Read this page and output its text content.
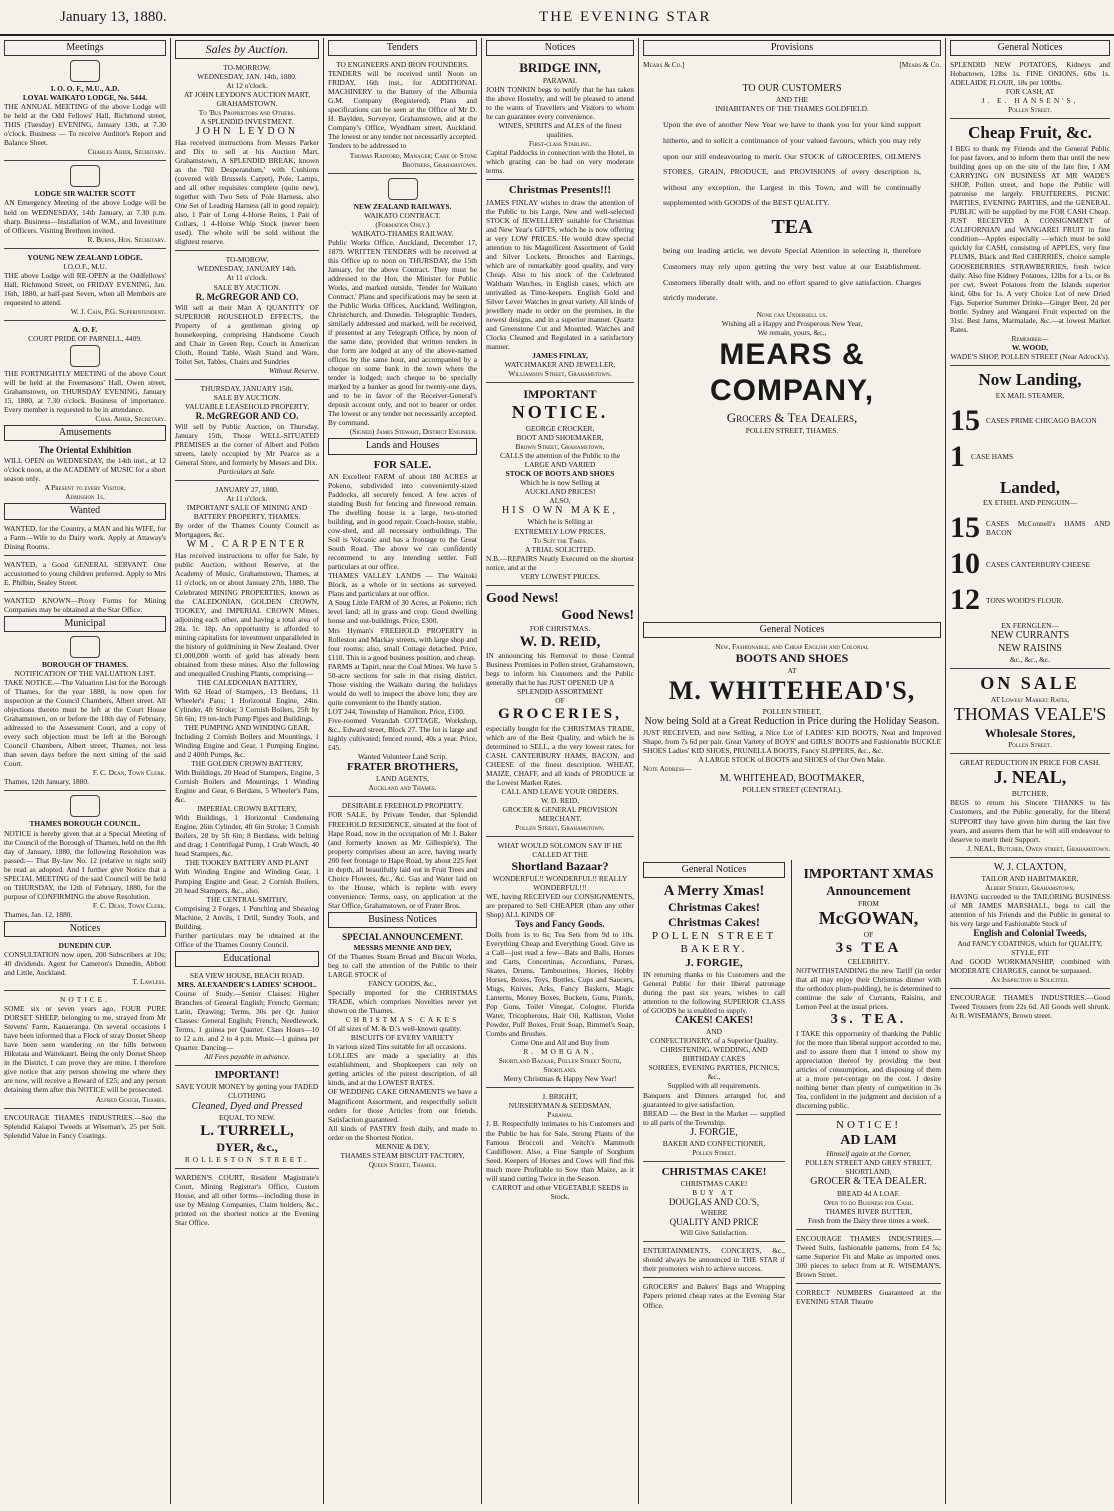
January 13, 1880.	THE EVENING STAR
Meetings
I. O. O. F., M.U., A.D.
LOYAL WAIKATO LODGE, No. 5444.

THE ANNUAL MEETING of the above Lodge will be held at the Odd Fellows' Hall, Richmond street, THIS (Tuesday) EVENING, January 13th, at 7.30 o'clock. Business — To receive Auditor's Report and Balance Sheet.

Charles Ahier, Secretary.
LODGE SIR WALTER SCOTT

AN Emergency Meeting of the above Lodge will be held on WEDNESDAY, 14th January, at 7.30 p.m. sharp. Business—Installation of W.M., and Investiture of Officers. Visiting Brethren invited.

R. Burns, Hon. Secretary.
YOUNG NEW ZEALAND LODGE.
I.O.O.F., M.U.

THE above Lodge will RE-OPEN at the Oddfellows' Hall, Richmond Street, on FRIDAY EVENING, Jan. 16th, 1880, at half-past Seven, when all Members are requested to attend.

W. J. Cain, P.G. Superintendent.
A. O. F.
COURT PRIDE OF PARNELL, 4409.

THE FORTNIGHTLY MEETING of the above Court will be held at the Freemasons' Hall, Owen street, Grahamstown, on THURSDAY EVENING, January 15, 1880, at 7.30 o'clock. Business of importance. Every member is requested to be in attendance.

Chas. Ahier, Secretary.
Amusements
The Oriental Exhibition

WILL OPEN on WEDNESDAY, the 14th inst., at 12 o'clock noon, at the ACADEMY of MUSIC for a short season only.

A Present to every Visitor.
Admission 1s.
Wanted

WANTED, for the Country, a MAN and his WIFE, for a Farm—Wife to do Dairy work. Apply at Attaway's Dining Rooms.

WANTED, a Good GENERAL SERVANT. One accustomed to young children preferred. Apply to Mrs E. Philbin, Sealey Street.

WANTED KNOWN—Proxy Forms for Mining Companies may be obtained at the Star Office.

Municipal
BOROUGH OF THAMES.
NOTIFICATION OF THE VALUATION LIST.

TAKE NOTICE.—The Valuation List for the Borough of Thames, for the year 1880, is now open for inspection at the Council Chambers, Albert street. All objections thereto must be left at the Court House Grahamstown, on or before the 18th day of February, addressed to the Assessment Court, and a copy of every such objection must be left at the Borough Council Chambers, Albert street, Thames, not less than seven days before the next sitting of the said Court.

F. C. Dean, Town Clerk.
Thames, 12th January, 1880.
THAMES BOROUGH COUNCIL.

NOTICE is hereby given that at a Special Meeting of the Council of the Borough of Thames, held on the 8th day of January, 1880, the following Resolution was passed:— That By-law No. 12 (relative to night soil) be read as adopted. And I further give Notice that a SPECIAL MEETING of the said Council will be held on THURSDAY, the 12th of February, 1880, for the purpose of CONFIRMING the above Resolution.

F. C. Dean, Town Clerk.
Thames, Jan. 12, 1880.
Notices
DUNEDIN CUP.

CONSULTATION now open, 200 Subscribers at 10s; 40 dividends. Agent for Cameron's Dunedin, Abbott and Little, Auckland.

T. Lawless.
NOTICE.

SOME six or seven years ago, FOUR PURE DORSET SHEEP, belonging to me, strayed from Mr Stevens' Farm, Kauaeranga. On several occasions I have been informed that a Flock of stray Dorset Sheep have been seen wandering on the hills between Hikutaia and Waitekauri. Being the only Dorset Sheep in the District, I can prove they are mine. I therefore give notice that any person showing me where they are now, will receive a Reward of £25; and any person detaining them after this NOTICE will be prosecuted.

Alfred Gough, Thames.

ENCOURAGE THAMES INDUSTRIES.—See the Splendid Kaiapoi Tweeds at Wiseman's, 25 per Suit. Splendid Value in Fancy Coatings.

Sales by Auction.
TO-MORROW.
WEDNESDAY, JAN. 14th, 1880.
At 12 o'clock.
AT JOHN LEYDON'S AUCTION MART, GRAHAMSTOWN.
To 'Bus Proprietors and Others.
A SPLENDID INVESTMENT.
JOHN LEYDON

Has received instructions from Messrs Parker and Dix to sell at his Auction Mart, Grahamstown, A SPLENDID BREAK, known as the 'Nil Desperandum,' with Cushions (covered with Brussels Carpet), Pole, Lamps, and all other requisites complete (quite new), together with Two Sets of Pole Harness, also One Set of Leading Harness (all in good repair); also, 1 Pair of Long 4-Horse Reins, 1 Pair of Collars, 1 4-Horse Whip Stock (never been used). The whole will be sold without the slightest reserve.

TO-MOROW,
WEDNESDAY, JANUARY 14th.
At 11 o'clock.
SALE BY AUCTION.
R. McGREGOR AND CO.

Will sell at their Mart A QUANTITY OF SUPERIOR HOUSEHOLD EFFECTS, the Property of a gentleman giving up housekeeping, comprising Handsome Couch and Chair in Green Rep, Couch in American Cloth, Round Table, Wash Stand and Ware, Toilet Set, Tables, Chairs and Sundries

Without Reserve.
THURSDAY, JANUARY 15th.
SALE BY AUCTION.
VALUABLE LEASEHOLD PROPERTY.
R. McGREGOR AND CO.

Will sell by Public Auction, on Thursday, January 15th, Those WELL-SITUATED PREMISES at the corner of Albert and Pollen streets, lately occupied by Mr Pearce as a General Store, and formerly by Messrs and Dix.

Particulars at Sale.
JANUARY 27, 1880.
At 11 o'clock.
IMPORTANT SALE OF MINING AND BATTERY PROPERTY, THAMES.

By order of the Thames County Council as Mortgagees, &c.

WM. CARPENTER

Has received instructions to offer for Sale, by public Auction, without Reserve, at the Academy of Music, Grahamstown, Thames, at 11 o'clock, on or about January 27th, 1880, The Celebrated MINING PROPERTIES, known as the CALEDONIAN, GOLDEN CROWN, TOOKEY, and IMPERIAL CROWN Mines, adjoining each other, and having a total area of 28a. 1r. 18p. An opportunity is afforded to mining capitalists for investment unparalleled in the history of goldmining in New Zealand. Over £1,000,000 worth of gold has already been obtained from these mines. Also the following and unequalled Crushing Plants, comprising—

THE CALEDONIAN BATTERY,

With 62 Head of Stampers, 13 Berdans, 11 Wheeler's Pans; 1 Horizontal Engine, 24in. Cylinder, 4ft Stroke; 3 Cornish Boilers, 25ft by 5ft 6in; 19 ten-inch Pump Pipes and Buildings.

THE PUMPING AND WINDING GEAR,

Including 2 Cornish Boilers and Mountings, 1 Winding Engine and Gear, 1 Pumping Engine, and 2 400ft Pumps, &c.

THE GOLDEN CROWN BATTERY,

With Buildings, 20 Head of Stampers, Engine, 3 Cornish Boilers and Mountings, 1 Winding Engine and Gear, 6 Berdans, 5 Wheeler's Pans, &c.

IMPERIAL CROWN BATTERY,

With Buildings, 1 Horizontal Condensing Engine, 26in Cylinder, 4ft 6in Stroke; 3 Cornish Boilers, 28 by 5ft 6in; 8 Berdans, with belting and drag; 1 Centrifugal Pump, 1 Crab Winch, 40 head Stampers, &c.

THE TOOKEY BATTERY AND PLANT

With Winding Engine and Winding Gear, 1 Pumping Engine and Gear, 2 Cornish Boilers, 20 head Stampers, &c., also,

THE CENTRAL SMITHY,

Comprising 2 Forges, 1 Punching and Shearing Machine, 2 Anvils, 1 Drill, Sundry Tools, and Building.

Further particulars may be obtained at the Office of the Thames County Council.

Educational
SEA VIEW HOUSE, BEACH ROAD.
MRS. ALEXANDER'S LADIES' SCHOOL.

Course of Study.—Senior Classes: Higher Branches of General English; French; German; Latin, Drawing; Terms, 30s per Qr. Junior Classes: General English; French; Needlework. Terms, 1 guinea per Quarter. Class Hours—10 to 12 a.m. and 2 to 4 p.m. Music—1 guinea per Quarter. Dancing—

All Fees payable in advance.
IMPORTANT!
SAVE YOUR MONEY by getting your FADED CLOTHING
Cleaned, Dyed and Pressed
EQUAL TO NEW.
L. TURRELL,
DYER, &c.,
ROLLESTON STREET.

WARDEN'S COURT, Resident Magistrate's Court, Mining Registrar's Office, Custom House, and all other forms—including those in use by Mining Companies, Claim holders, &c., printed on the shortest notice at the Evening Star Office.

Tenders
TO ENGINEERS AND IRON FOUNDERS.

TENDERS will be received until Noon on FRIDAY, 16th inst., for ADDITIONAL MACHINERY to the Battery of the Alburnia G.M. Company (Registered). Plans and specifications can be seen at the Office of Mr D. H. Baylden, Surveyor, Grahamstown, and at the Company's Office, Wyndham street, Auckland. The lowest or any tender not necessarily accepted. Tenders to be addressed to

Thomas Radford, Manager; Care of Stone Brothers, Grahamstown.
NEW ZEALAND RAILWAYS.
WAIKATO CONTRACT.
(Formation Only.)
WAIKATO-THAMES RAILWAY.

Public Works Office, Auckland, December 17, 1879. WRITTEN TENDERS will be received at this Office up to noon on THURSDAY, the 15th January, for the above Contract. They must be addressed to the Hon. the Minister for Public Works, and marked outside, 'Tender for Waikato Contract.' Plans and specifications may be seen at the Public Works Offices, Auckland, Wellington, Christchurch, and Dunedin. Telegraphic Tenders, similarly addressed and marked, will be received, if presented at any Telegraph Office, by noon of the same date, provided that written tenders in due form are lodged at any of the above-named offices by the same hour, and accompanied by a cheque on some bank in the town where the tender is lodged; such cheque to be specially marked by a banker as good for twenty-one days, and to be in favor of the Receiver-General's deposit account only, and not to bearer or order. The lowest or any tender not necessarily accepted. By command.

(Signed) James Stewart, District Engineer.
Lands and Houses
FOR SALE.

AN Excellent FARM of about 180 ACRES at Pokeno, subdivided into conveniently-sized Paddocks, all securely fenced. A few acres of standing Bush for fencing and firewood remain. The dwelling house is a large, two-storied building, and in good repair. Coach-house, stable, cow-shed, and all necessary outbuildings. The Soil is Volcanic and has a frontage to the Great South Road. The above we can confidently recommend to any intending settler. Full particulars at our office.

THAMES VALLEY LANDS — The Waitoki Block, as a whole or in sections as surveyed. Plans and particulars at our office.

A Snug Little FARM of 30 Acres, at Pokeno; rich level land; all in grass and crop. Good dwelling house and out-buildings. Price, £300.

Mrs Hyman's FREEHOLD PROPERTY in Rolleston and Mackay streets, with large shop and four rooms; also, small Cottage detached. Price, £110. This is a good business position, and cheap.

FARMS at Tapiri, near the Coal Mines. We have 5 50-acre sections for sale in that rising district. Those visiting the Waikato during the holidays would do well to inspect the above lots; they are quite convenient to the Huntly station.

LOT 244, Township of Hamilton. Price, £100.

Five-roomed Verandah COTTAGE, Workshop, &c., Edward street, Block 27. The lot is large and highly cultivated; fenced round, 40s a year. Price, £45.

Wanted Volunteer Land Scrip.
FRATER BROTHERS,
LAND AGENTS,
Auckland and Thames.
DESIRABLE FREEHOLD PROPERTY.

FOR SALE, by Private Tender, that Splendid FREEHOLD RESIDENCE, situated at the foot of Hape Road, now in the occupation of Mr J. Baker (and formerly known as Mr Gillespie's). The property comprises about an acre, having nearly 200 feet frontage to Hape Road, by about 225 feet in depth, all beautifully laid out in Fruit Trees and Choice Flowers, &c., &c. Gas and Water laid on to the House, which is replete with every convenience. Terms, easy, on application at the Star Office, Grahamstown, or of Frater Bros.

Business Notices
SPECIAL ANNOUNCEMENT.
MESSRS MENNIE AND DEY,

Of the Thames Steam Bread and Biscuit Works, beg to call the attention of the Public to their LARGE STOCK of

FANCY GOODS, &c.,

Specially imported for the CHRISTMAS TRADE, which comprises Novelties never yet shown on the Thames.

CHRISTMAS CAKES

Of all sizes of M. & D.'s well-known quality.

BISCUITS OF EVERY VARIETY

In various sized Tins suitable for all occasions.

LOLLIES are made a speciality at this establishment, and Shopkeepers can rely on getting articles of the purest description, of all kinds, and at the LOWEST RATES.

OF WEDDING CAKE ORNAMENTS we have a Magnificent Assortment, and respectfully solicit orders for those Articles from our friends. Satisfaction guaranteed.

All kinds of PASTRY fresh daily, and made to order on the Shortest Notice.

MENNIE & DEY,
THAMES STEAM BISCUIT FACTORY,
Queen Street, Thames.
Notices
BRIDGE INN,
PARAWAI.

JOHN TONKIN begs to notify that he has taken the above Hostelry, and will be pleased to attend to the wants of Travellers and Visitors to whom he can guarantee every convenience.

WINES, SPIRITS and ALES of the finest qualities.
First-class Stabling.

Capital Paddocks in connection with the Hotel, in which grazing can be had on very moderate terms.

Christmas Presents!!!

JAMES FINLAY wishes to draw the attention of the Public to his Large, New and well-selected STOCK of JEWELLERY suitable for Christmas and New Year's GIFTS, which he is now offering at very LOW PRICES. He would draw special attention to his Magnificent Assortment of Gold and Silver Lockets, Brooches and Earrings, which are of remarkably good quality, and very Cheap. Also to his stock of the Celebrated Waltham Watches, in English cases, which are unrivalled as Time-keepers. English Gold and Silver Lever Watches in great variety. All kinds of jewellery made to order on the premises, in the newest designs, and in a superior manner. Quartz and Greenstone Cut and Mounted. Watches and Clocks Cleaned and Regulated in a satisfactory manner.

JAMES FINLAY,
WATCHMAKER AND JEWELLER,
Williamson Street, Grahamstown.
IMPORTANT
NOTICE.
GEORGE CROCKER,
BOOT AND SHOEMAKER,
Brown Street, Grahamstown,
CALLS the attention of the Public to the
LARGE AND VARIED
STOCK OF BOOTS AND SHOES
Which he is now Selling at
AUCKLAND PRICES!
ALSO,
HIS OWN MAKE,
Which he is Selling at
EXTREMELY LOW PRICES,
To Suit the Times.
A TRIAL SOLICITED.

N.B.—REPAIRS Neatly Executed on the shortest notice, and at the

VERY LOWEST PRICES.
Good News!
Good News!
FOR CHRISTMAS.
W. D. REID,

IN announcing his Removal to those Central Business Premises in Pollen street, Grahamstown, begs to inform his Customers and the Public generally that he has JUST OPENED UP A

SPLENDID ASSORTMENT
OF
GROCERIES,

especially bought for the CHRISTMAS TRADE, which are of the Best Quality, and which he is determined to SELL, a the very lowest rates, for CASH. CANTERBURY HAMS, BACON, and CHEESE of the finest description. WHEAT, MAIZE, CHAFF, and all kinds of PRODUCE at the Lowest Market Rates.

CALL AND LEAVE YOUR ORDERS.
W. D. REID,
GROCER & GENERAL PROVISION MERCHANT.
Pollen Street, Grahamstown.
WHAT WOULD SOLOMON SAY IF HE CALLED AT THE
Shortland Bazaar?
WONDERFUL!! WONDERFUL!! REALLY WONDERFUL!!!

WE, having RECEIVED our CONSIGNMENTS, are prepared to Sell CHEAPER (than any other Shop) ALL KINDS OF

Toys and Fancy Goods.

Dolls from 1s to 6s; Tea Sets from 9d to 10s. Everything Cheap and Everything Good. Give us a Call—just read a few—Bats and Balls, Horses and Carts, Concertinas, Accordians, Purses, Skates, Drums, Tambourines, Horses, Hobby Horses, Boxes, Toys, Bottles, Cups and Saucers, Mugs, Knives, Arks, Fancy Baskets, Magic Lanterns, Money Boxes, Buckets, Guns, Pistols, Pop Guns, Toilet Vinegar, Cologne, Florida Water, Tricopherous, Hair Oil, Kalliston, Violet Powder, Puff Boxes, Fruit Soap, Rimmel's Soap, Combs and Brushes.

Come One and All and Buy from
R. MORGAN.
Shortland Bazaar, Pollen Street South, Shortland.
Merry Christmas & Happy New Year!
J. BRIGHT,
NURSERYMAN & SEEDSMAN,
Parawai.

J. B. Respectfully intimates to his Customers and the Public he has for Sale, Strong Plants of the Famous Broccoli and Veitch's Mammoth Cauliflower. Also, a Fine Sample of Sorghum Seed. Keepers of Horses and Cows will find this much more Profitable to Sow than Maize, as it will stand cutting Twice in the Season.

CARROT and other VEGETABLE SEEDS in Stock.
Provisions
Mears & Co.]	[Mears & Co.
TO OUR CUSTOMERS
AND THE
INHABITANTS OF THE THAMES GOLDFIELD.

Upon the eve of another New Year we have to thank you for your kind support hitherto, and to solicit a continuance of your valued favours, which you may rely upon our still endeavouring to merit. Our STOCK of GROCERIES, OILMEN'S STORES, GRAIN, PRODUCE, and PROVISIONS of every description is, without any exception, the Largest in this Town, and will be continually supplemented with GOODS of the BEST QUALITY.

TEA

being our leading article, we devote Special Attention in selecting it, therefore Customers may rely upon getting the very best value at our Establishment. Customers liberally dealt with, and no effort spared to give satisfaction. Charges strictly moderate.

None can Undersell us.
Wishing all a Happy and Prosperous New Year,
We remain, yours, &c.,
MEARS & COMPANY,
Grocers & Tea Dealers,
POLLEN STREET, THAMES.
General Notices
New, Fashionable, and Cheap English and Colonial
BOOTS AND SHOES
AT
M. WHITEHEAD'S,
POLLEN STREET,
Now being Sold at a Great Reduction in Price during the Holiday Season.

JUST RECEIVED, and now Selling, a Nice Lot of LADIES' KID BOOTS, Neat and Improved Shape, from 7s 6d per pair. Great Variety of BOYS' and GIRLS' BOOTS and Fashionable BUCKLE SHOES Ladies' KID SHOES, PRUNELLA BOOTS, Fancy SLIPPERS, &c., &c.

A LARGE STOCK of BOOTS and SHOES of Our Own Make.
Note Address—
M. WHITEHEAD, BOOTMAKER,
POLLEN STREET (CENTRAL).
General Notices
A Merry Xmas!
Christmas Cakes!
Christmas Cakes!
POLLEN STREET BAKERY.
J. FORGIE,

IN returning thanks to his Customers and the General Public for their liberal patronage during the past six years, wishes to call attention to the following SUPERIOR CLASS of GOODS he is enabled to supply.

CAKES! CAKES!
AND
CONFECTIONERY, of a Superior Quality.
CHRISTENING, WEDDING, AND BIRTHDAY CAKES
SOIREES, EVENING PARTIES, PICNICS, &c.,
Supplied with all requirements.

Banquets and Dinners arranged for, and guaranteed to give satisfaction.

BREAD — the Best in the Market — supplied to all parts of the Township.

J. FORGIE,
BAKER AND CONFECTIONER,
Pollen Street.
CHRISTMAS CAKE!
CHRISTMAS CAKE!
BUY AT
DOUGLAS AND CO.'S,
WHERE
QUALITY AND PRICE
Will Give Satisfaction.

ENTERTAINMENTS, CONCERTS, &c., should always be announced in THE STAR if their promoters wish to achieve success.

GROCERS' and Bakers' Bags and Wrapping Papers printed cheap rates at the Evening Star Office.

IMPORTANT XMAS
Announcement
FROM
McGOWAN,
OF
3s TEA
CELEBRITY.

NOTWITHSTANDING the new Tariff (in order that all may enjoy their Christmas dinner with the orthodox plum-pudding), he is determined to continue the sale of Currants, Raisins, and Lemon Peel at the usual prices.

3s. TEA.

I TAKE this opportunity of thanking the Public for the more than liberal support accorded to me, and to assure them that I intend to show my appreciation thereof by providing the best articles of consumption, and disposing of them at a more per-centage on the cost. I desire nothing better than plenty of competition in 3s Tea, confident in the judgment and decision of a discerning public.

NOTICE!
AD LAM
Himself again at the Corner,
POLLEN STREET AND GREY STREET,
SHORTLAND,
GROCER & TEA DEALER.
BREAD 4d A LOAF.
Open to do Business for Cash.
THAMES RIVER BUTTER,
Fresh from the Dairy three times a week.

ENCOURAGE THAMES INDUSTRIES.—Tweed Suits, fashionable patterns, from £4 5s; same Superior Fit and Make as imported ones. 300 pieces to select from at R. WISEMAN'S, Brown Street.

CORRECT NUMBERS Guaranteed at the EVENING STAR Theatre

General Notices

SPLENDID NEW POTATOES, Kidneys and Hobartown, 12lbs 1s. FINE ONIONS, 6lbs 1s. ADELAIDE FLOUR, 18s per 100lbs.

FOR CASH, AT
J. E. HANSEN'S,
Pollen Street.
Cheap Fruit, &c.

I BEG to thank my Friends and the General Public for past favors, and to inform them that until the new building goes up on the site of the late fire, I AM CARRYING ON BUSINESS AT MR WADE'S SHOP, Pollen street, and hope the Public will patronise me largely. FRUITERERS, PICNIC PARTIES, EVENING PARTIES, and the GENERAL PUBLIC will be supplied by me FOR CASH Cheap. JUST RECEIVED A CONSIGNMENT of CALIFORNIAN and WANGAREI FRUIT in fine condition—Apples especially —which must be sold quickly for CASH, consisting of APPLES, very fine PLUMS, Black and Red CHERRIES, choice sample GOOSEBERRIES STRAWBERRIES, fresh twice daily. Also fine Kidney Potatoes, 12lbs for a 1s, or 8s per cwt. Sweet Potatoes from the Islands superior kind, 6lbs for 1s. A very Choice Lot of new Dried Figs. Superior Summer Drinks—Ginger Beer, 2d per bottle. Sydney and Wangarei Fruit expected on the 31st. Best Jams, Marmalade, &c.—at lowest Market Rates.

Remember—
W. WOOD,
WADE'S SHOP, POLLEN STREET (Near Adcock's).
Now Landing,
EX MAIL STEAMER,
15 CASES PRIME CHICAGO BACON
1 CASE HAMS
Landed,
EX ETHEL AND PENGUIN—
15 CASES McConnell's HAMS AND BACON
10 CASES CANTERBURY CHEESE
12 TONS WOOD'S FLOUR.
EX FERNGLEN—
NEW CURRANTS
NEW RAISINS
&c., &c., &c.
ON SALE
AT Lowest Market Rates,
THOMAS VEALE'S
Wholesale Stores,
Pollen Street.
GREAT REDUCTION IN PRICE FOR CASH.
J. NEAL,
BUTCHER,

BEGS to return his Sincere THANKS to his Customers, and the Public generally, for the liberal SUPPORT they have given him during the last five years, and assures them that he will still endeavour to deserve to merit their Support.

J. NEAL, Butcher, Owen street, Grahamstown.
W. J. CLAXTON,
TAILOR AND HABITMAKER,
Albert Street, Grahamstown,

HAVING succeeded to the TAILORING BUSINESS of MR JAMES MARSHALL, begs to call the attention of his Friends and the Public in general to his very large and Fashionable Stock of

English and Colonial Tweeds,
And FANCY COATINGS, which for QUALITY, STYLE, FIT

And GOOD WORKMANSHIP, combined with MODERATE CHARGES, cannot be surpassed.

An Inspection is Solicited.

ENCOURAGE THAMES INDUSTRIES.—Good Tweed Trousers from 22s 6d. All Goods well shrunk. At R. WISEMAN'S, Brown street.
